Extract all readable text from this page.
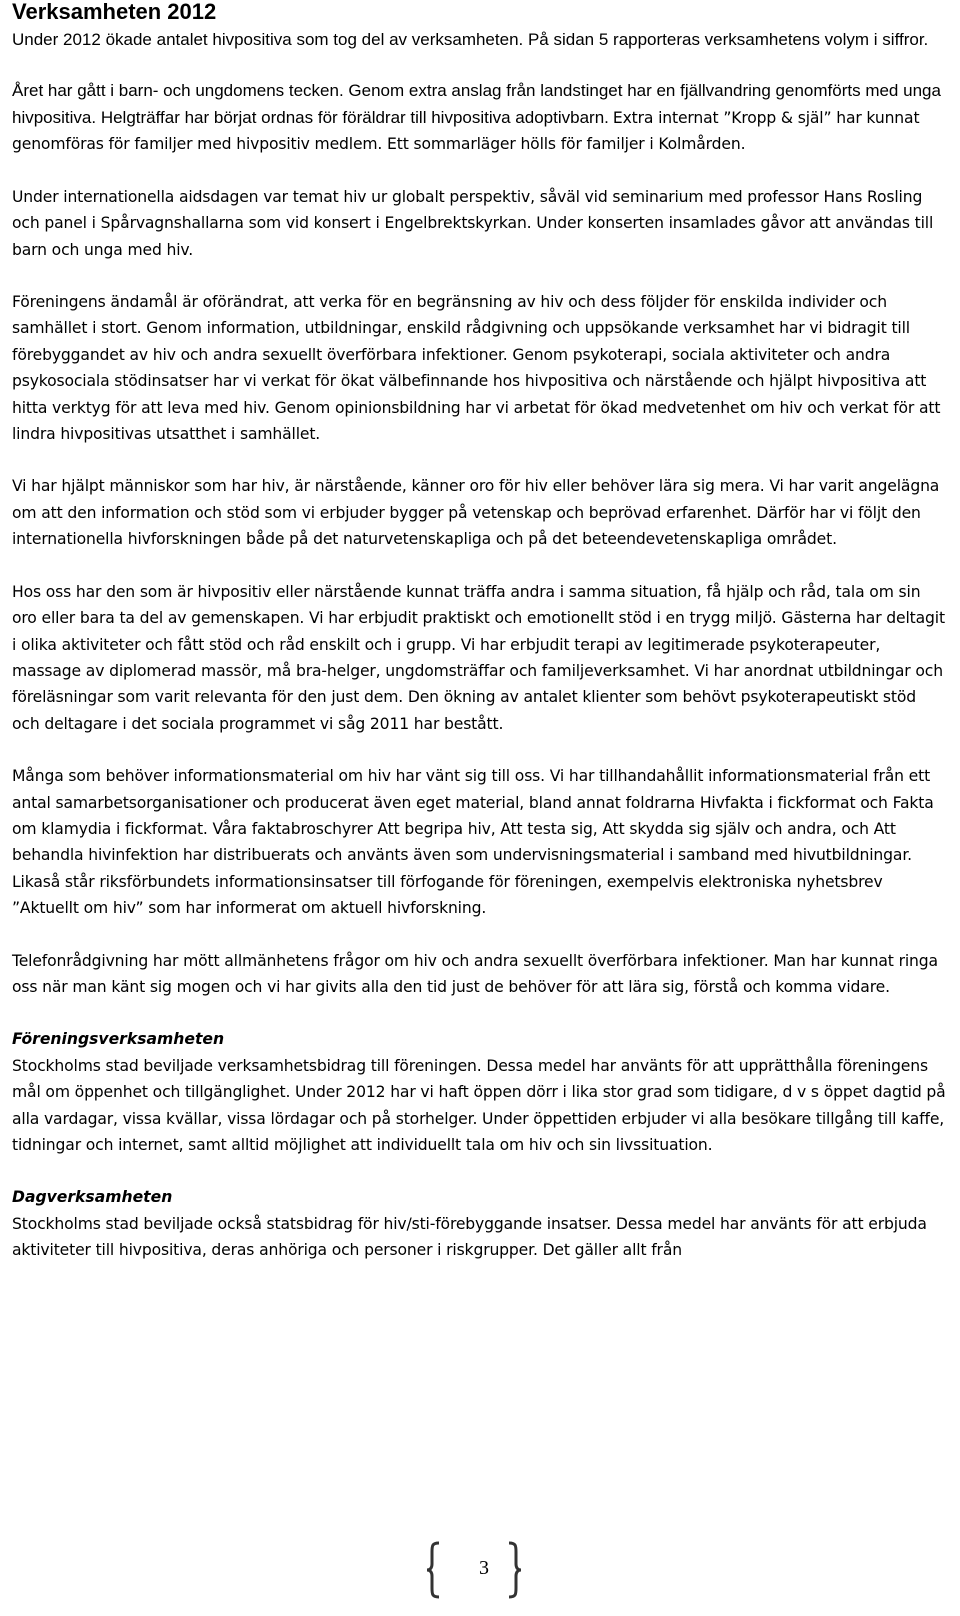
Verksamheten 2012

Under 2012 ökade antalet hivpositiva som tog del av verksamheten. På sidan 5 rapporteras verksamhetens volym i siffror.

Året har gått i barn- och ungdomens tecken. Genom extra anslag från landstinget har en fjällvandring genomförts med unga hivpositiva. Helgträffar har börjat ordnas för föräldrar till hivpositiva adoptivbarn. Extra internat ”Kropp & själ” har kunnat genomföras för familjer med hivpositiv medlem. Ett sommarläger hölls för familjer i Kolmården.

Under internationella aidsdagen var temat hiv ur globalt perspektiv, såväl vid seminarium med professor Hans Rosling och panel i Spårvagnshallarna som vid konsert i Engelbrektskyrkan. Under konserten insamlades gåvor att användas till barn och unga med hiv.

Föreningens ändamål är oförändrat, att verka för en begränsning av hiv och dess följder för enskilda individer och samhället i stort. Genom information, utbildningar, enskild rådgivning och uppsökande verksamhet har vi bidragit till förebyggandet av hiv och andra sexuellt överförbara infektioner. Genom psykoterapi, sociala aktiviteter och andra psykosociala stödinsatser har vi verkat för ökat välbefinnande hos hivpositiva och närstående och hjälpt hivpositiva att hitta verktyg för att leva med hiv. Genom opinionsbildning har vi arbetat för ökad medvetenhet om hiv och verkat för att lindra hivpositivas utsatthet i samhället.

Vi har hjälpt människor som har hiv, är närstående, känner oro för hiv eller behöver lära sig mera. Vi har varit angelägna om att den information och stöd som vi erbjuder bygger på vetenskap och beprövad erfarenhet. Därför har vi följt den internationella hivforskningen både på det naturvetenskapliga och på det beteendevetenskapliga området.

Hos oss har den som är hivpositiv eller närstående kunnat träffa andra i samma situation, få hjälp och råd, tala om sin oro eller bara ta del av gemenskapen. Vi har erbjudit praktiskt och emotionellt stöd i en trygg miljö. Gästerna har deltagit i olika aktiviteter och fått stöd och råd enskilt och i grupp. Vi har erbjudit terapi av legitimerade psykoterapeuter, massage av diplomerad massör, må bra-helger, ungdomsträffar och familjeverksamhet. Vi har anordnat utbildningar och föreläsningar som varit relevanta för den just dem. Den ökning av antalet klienter som behövt psykoterapeutiskt stöd och deltagare i det sociala programmet vi såg 2011 har bestått.

Många som behöver informationsmaterial om hiv har vänt sig till oss. Vi har tillhandahållit informationsmaterial från ett antal samarbetsorganisationer och producerat även eget material, bland annat foldrarna Hivfakta i fickformat och Fakta om klamydia i fickformat. Våra faktabroschyrer Att begripa hiv, Att testa sig, Att skydda sig själv och andra, och Att behandla hivinfektion har distribuerats och använts även som undervisningsmaterial i samband med hivutbildningar. Likaså står riksförbundets informationsinsatser till förfogande för föreningen, exempelvis elektroniska nyhetsbrev ”Aktuellt om hiv” som har informerat om aktuell hivforskning.

Telefonrådgivning har mött allmänhetens frågor om hiv och andra sexuellt överförbara infektioner. Man har kunnat ringa oss när man känt sig mogen och vi har givits alla den tid just de behöver för att lära sig, förstå och komma vidare.

Föreningsverksamheten

Stockholms stad beviljade verksamhetsbidrag till föreningen. Dessa medel har använts för att upprätthålla föreningens mål om öppenhet och tillgänglighet. Under 2012 har vi haft öppen dörr i lika stor grad som tidigare, d v s öppet dagtid på alla vardagar, vissa kvällar, vissa lördagar och på storhelger. Under öppettiden erbjuder vi alla besökare tillgång till kaffe, tidningar och internet, samt alltid möjlighet att individuellt tala om hiv och sin livssituation.

Dagverksamheten

Stockholms stad beviljade också statsbidrag för hiv/sti-förebyggande insatser. Dessa medel har använts för att erbjuda aktiviteter till hivpositiva, deras anhöriga och personer i riskgrupper. Det gäller allt från

3
